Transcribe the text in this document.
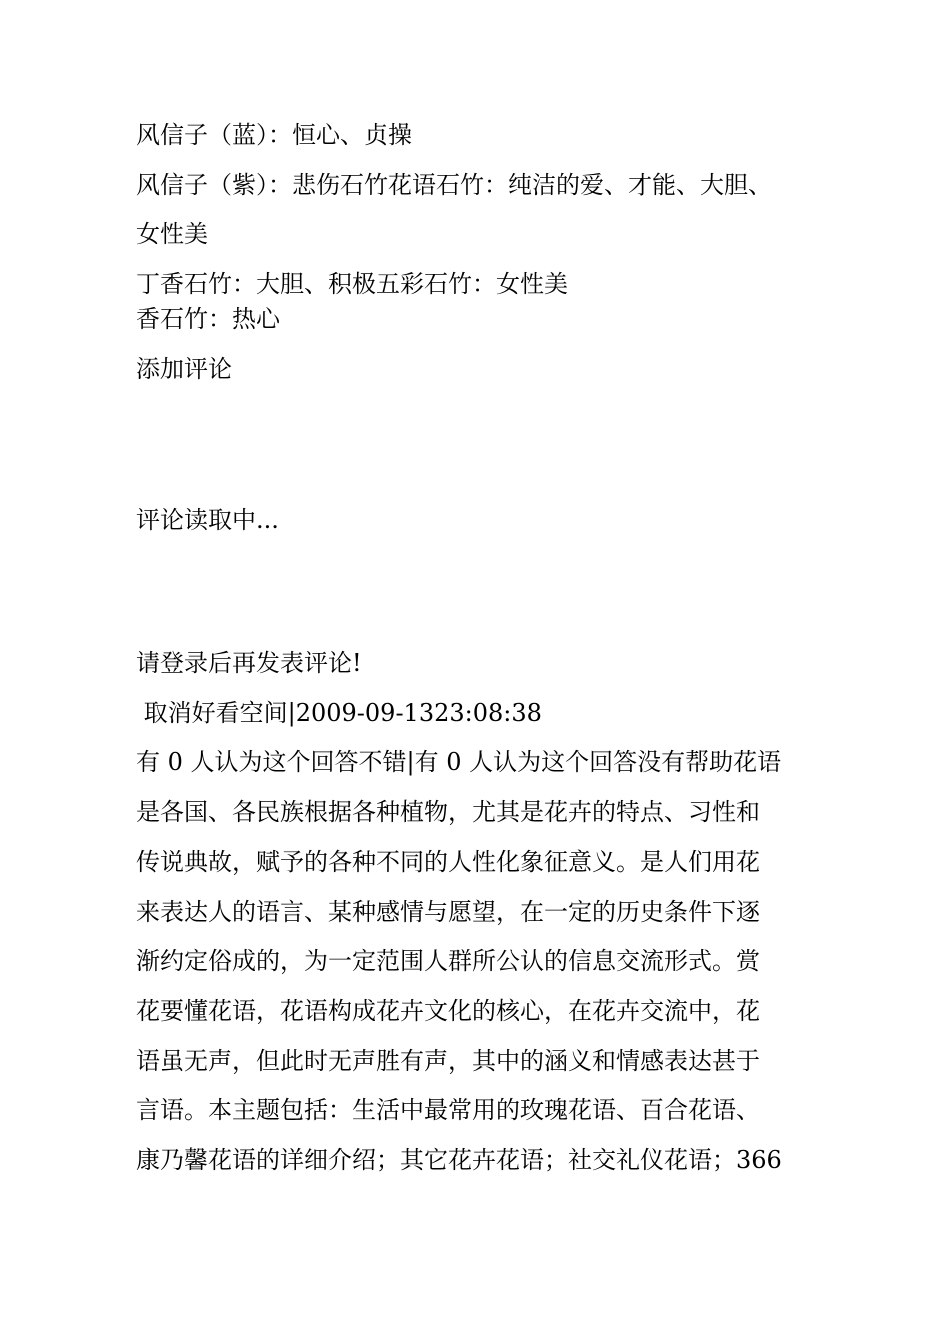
风信子（蓝）：恒心、贞操
风信子（紫）：悲伤石竹花语石竹：纯洁的爱、才能、大胆、
女性美
丁香石竹：大胆、积极五彩石竹：女性美
香石竹：热心
添加评论
评论读取中...
请登录后再发表评论!
取消好看空间|2009-09-1323:08:38
有 0 人认为这个回答不错|有 0 人认为这个回答没有帮助花语
是各国、各民族根据各种植物，尤其是花卉的特点、习性和
传说典故，赋予的各种不同的人性化象征意义。是人们用花
来表达人的语言、某种感情与愿望，在一定的历史条件下逐
渐约定俗成的，为一定范围人群所公认的信息交流形式。赏
花要懂花语，花语构成花卉文化的核心，在花卉交流中，花
语虽无声，但此时无声胜有声，其中的涵义和情感表达甚于
言语。本主题包括：生活中最常用的玫瑰花语、百合花语、
康乃馨花语的详细介绍；其它花卉花语；社交礼仪花语；366
